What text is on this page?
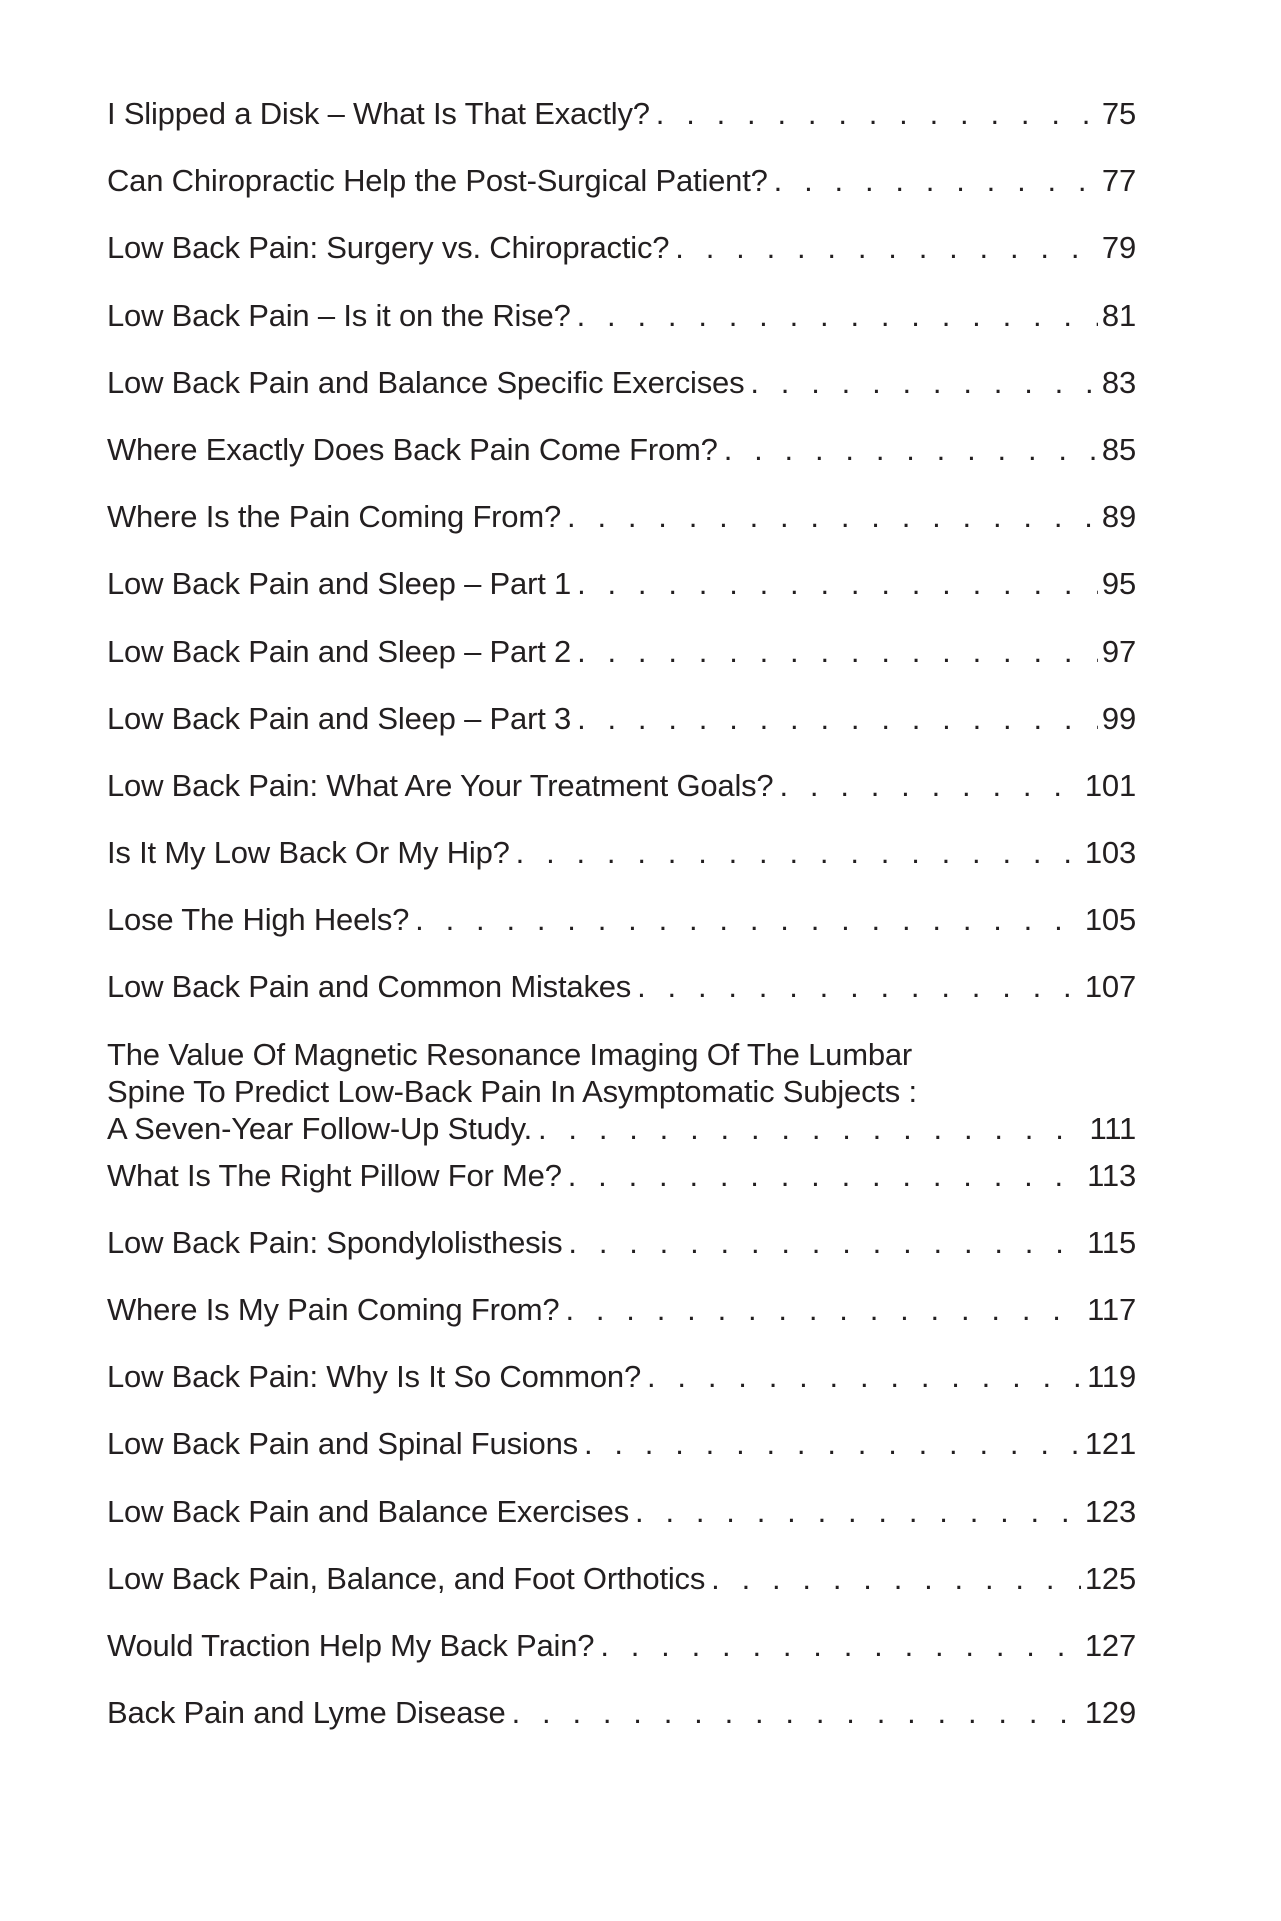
I Slipped a Disk – What Is That Exactly? . . .	75
Can Chiropractic Help the Post-Surgical Patient? . . .	77
Low Back Pain: Surgery vs. Chiropractic? . . .	79
Low Back Pain – Is it on the Rise? . . .	81
Low Back Pain and Balance Specific Exercises . . .	83
Where Exactly Does Back Pain Come From? . . .	85
Where Is the Pain Coming From? . . .	89
Low Back Pain and Sleep – Part 1 . . .	95
Low Back Pain and Sleep – Part 2 . . .	97
Low Back Pain and Sleep – Part 3 . . .	99
Low Back Pain: What Are Your Treatment Goals? . . .	101
Is It My Low Back Or My Hip? . . .	103
Lose The High Heels? . . .	105
Low Back Pain and Common Mistakes . . .	107
The Value Of Magnetic Resonance Imaging Of The Lumbar
Spine To Predict Low-Back Pain In Asymptomatic Subjects :
A Seven-Year Follow-Up Study. . . .	111
What Is The Right Pillow For Me? . . .	113
Low Back Pain: Spondylolisthesis . . .	115
Where Is My Pain Coming From? . . .	117
Low Back Pain: Why Is It So Common? . . .	119
Low Back Pain and Spinal Fusions . . .	121
Low Back Pain and Balance Exercises . . .	123
Low Back Pain, Balance, and Foot Orthotics . . .	125
Would Traction Help My Back Pain? . . .	127
Back Pain and Lyme Disease . . .	129
